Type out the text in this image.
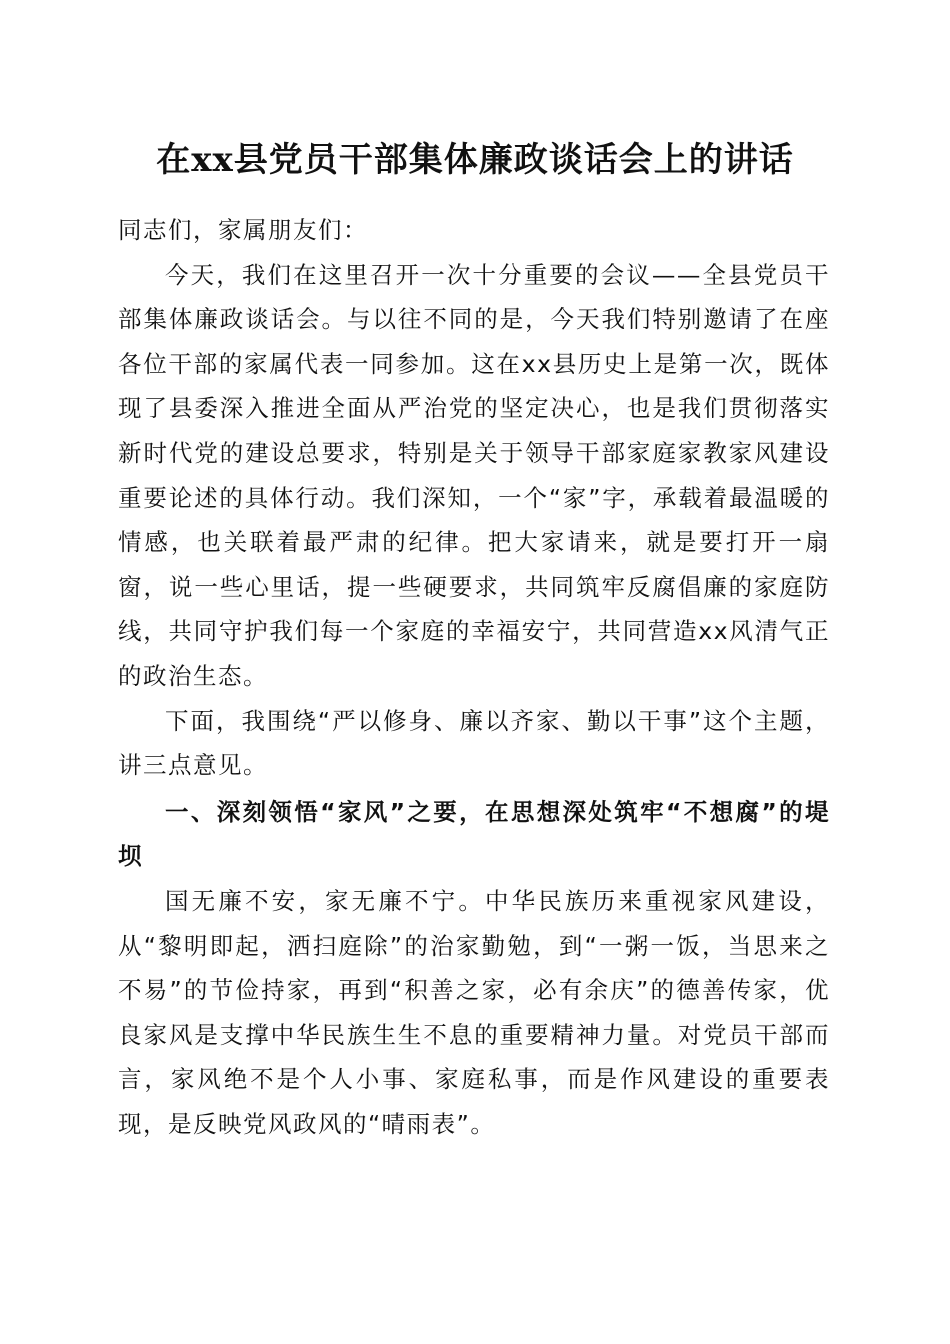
在xx县党员干部集体廉政谈话会上的讲话

同志们，家属朋友们：

今天，我们在这里召开一次十分重要的会议——全县党员干部集体廉政谈话会。与以往不同的是，今天我们特别邀请了在座各位干部的家属代表一同参加。这在xx县历史上是第一次，既体现了县委深入推进全面从严治党的坚定决心，也是我们贯彻落实新时代党的建设总要求，特别是关于领导干部家庭家教家风建设重要论述的具体行动。我们深知，一个“家”字，承载着最温暖的情感，也关联着最严肃的纪律。把大家请来，就是要打开一扇窗，说一些心里话，提一些硬要求，共同筑牢反腐倡廉的家庭防线，共同守护我们每一个家庭的幸福安宁，共同营造xx风清气正的政治生态。

下面，我围绕“严以修身、廉以齐家、勤以干事”这个主题，讲三点意见。

一、深刻领悟“家风”之要，在思想深处筑牢“不想腐”的堤坝

国无廉不安，家无廉不宁。中华民族历来重视家风建设，从“黎明即起，洒扫庭除”的治家勤勉，到“一粥一饭，当思来之不易”的节俭持家，再到“积善之家，必有余庆”的德善传家，优良家风是支撑中华民族生生不息的重要精神力量。对党员干部而言，家风绝不是个人小事、家庭私事，而是作风建设的重要表现，是反映党风政风的“晴雨表”。
